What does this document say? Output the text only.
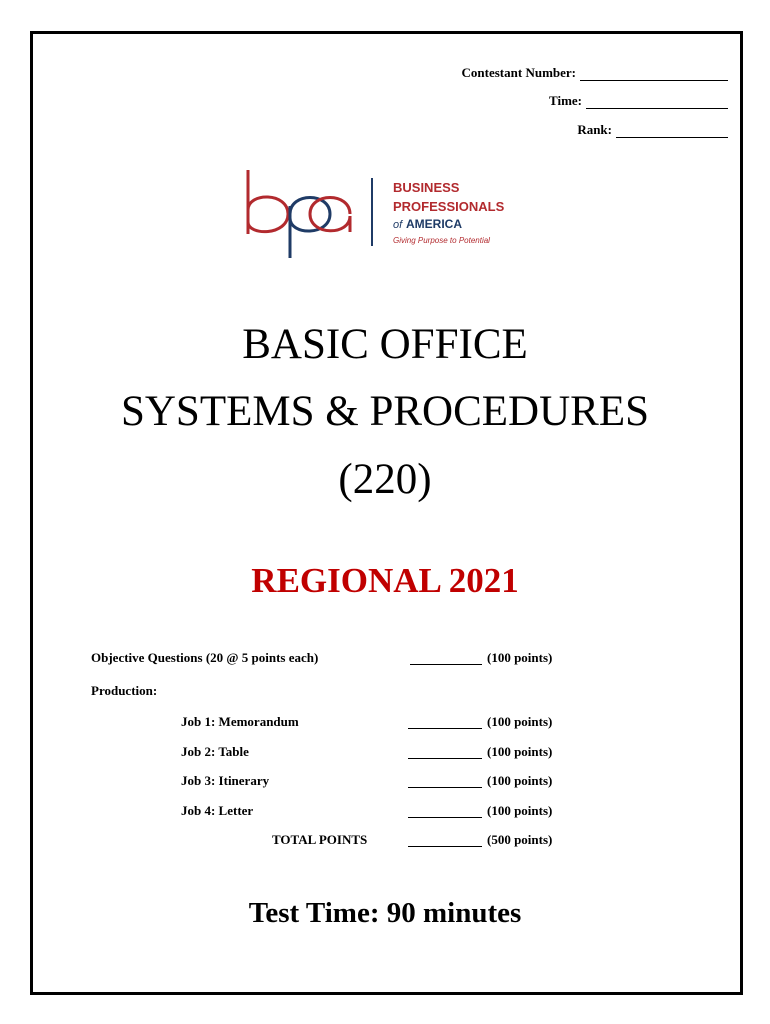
Contestant Number:
Time:
Rank:
BUSINESS
PROFESSIONALS
of AMERICA
Giving Purpose to Potential
BASIC OFFICE
SYSTEMS & PROCEDURES
(220)
REGIONAL 2021
Objective Questions (20 @ 5 points each)	(100 points)
Production:
Job 1: Memorandum	(100 points)
Job 2: Table	(100 points)
Job 3: Itinerary	(100 points)
Job 4: Letter	(100 points)
TOTAL POINTS	(500 points)
Test Time: 90 minutes
